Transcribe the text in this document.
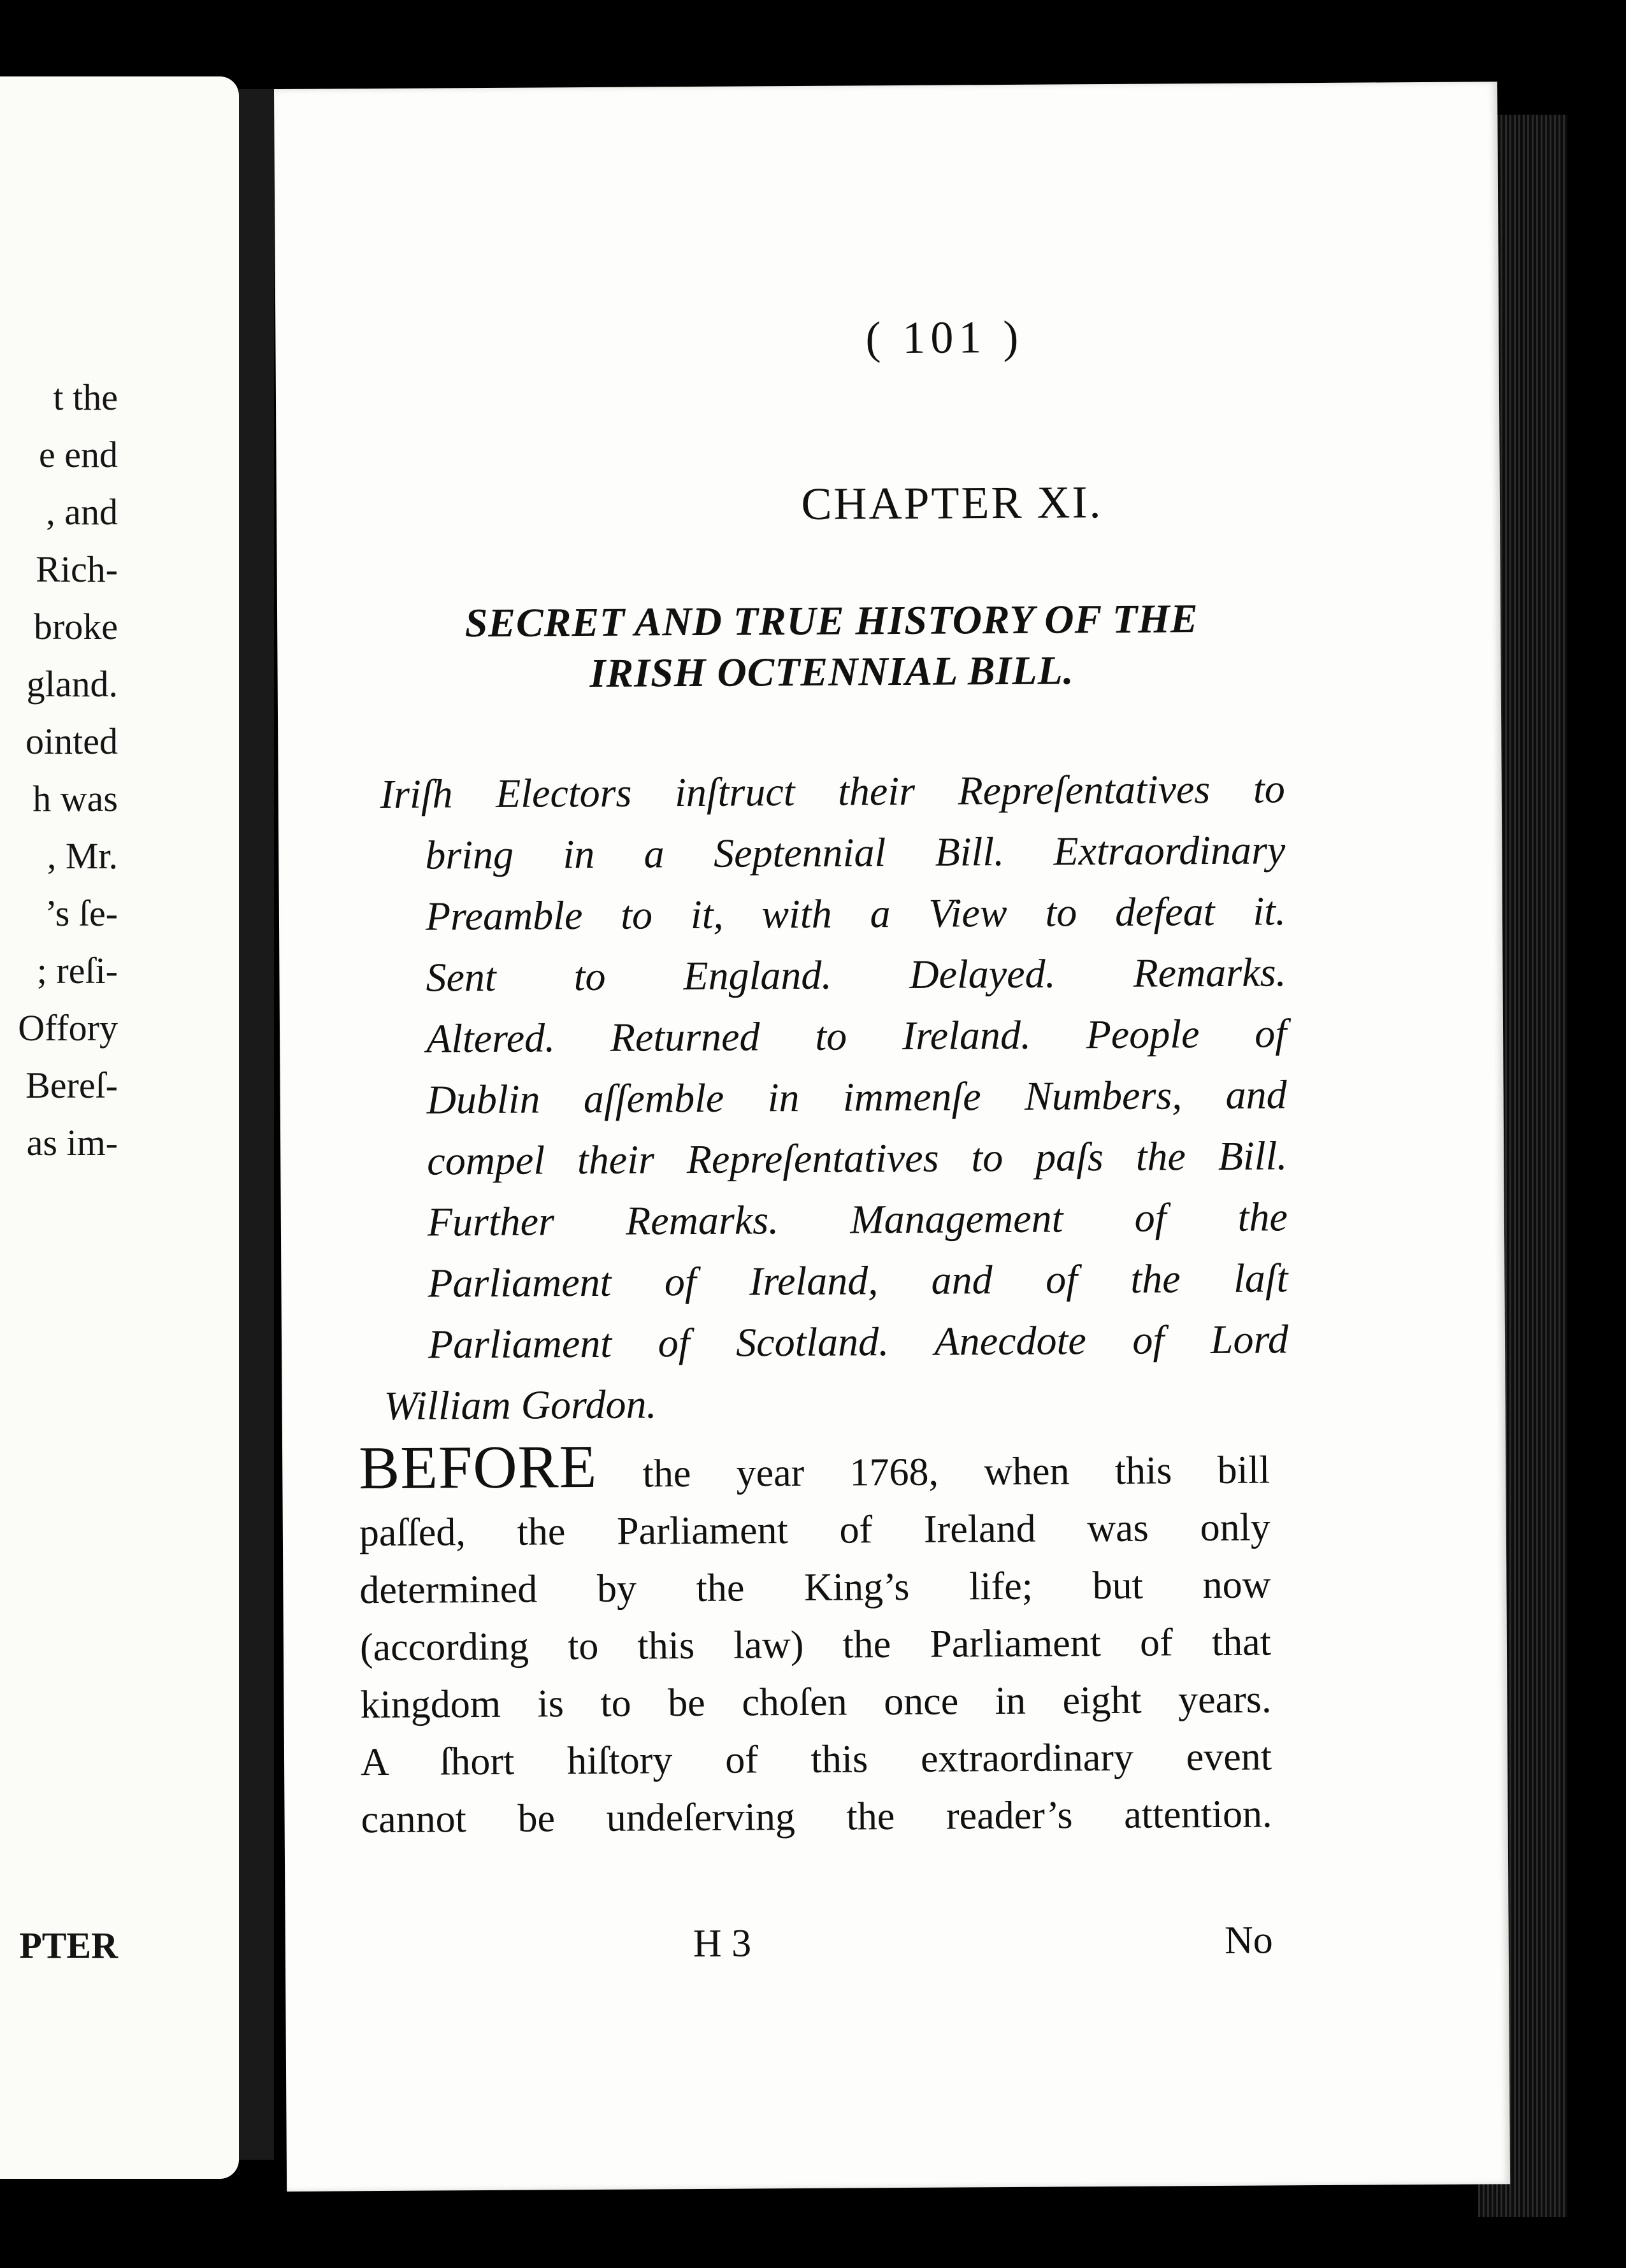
t the
e end
, and
Rich-
broke
gland.
ointed
h was
, Mr.
’s ſe-
; reſi-
Offory
Bereſ-
as im-
PTER
( 101 )
CHAPTER XI.
SECRET AND TRUE HISTORY OF THE
IRISH OCTENNIAL BILL.
Iriſh Electors inſtruct their Repreſentatives to
bring in a Septennial Bill. Extraordinary
Preamble to it, with a View to defeat it.
Sent to England. Delayed. Remarks.
Altered. Returned to Ireland. People of
Dublin aſſemble in immenſe Numbers, and
compel their Repreſentatives to paſs the Bill.
Further Remarks. Management of the
Parliament of Ireland, and of the laſt
Parliament of Scotland. Anecdote of Lord
William Gordon.
BEFORE the year 1768, when this bill
paſſed, the Parliament of Ireland was only
determined by the King’s life; but now
(according to this law) the Parliament of that
kingdom is to be choſen once in eight years.
A ſhort hiſtory of this extraordinary event
cannot be undeſerving the reader’s attention.
H 3	No
